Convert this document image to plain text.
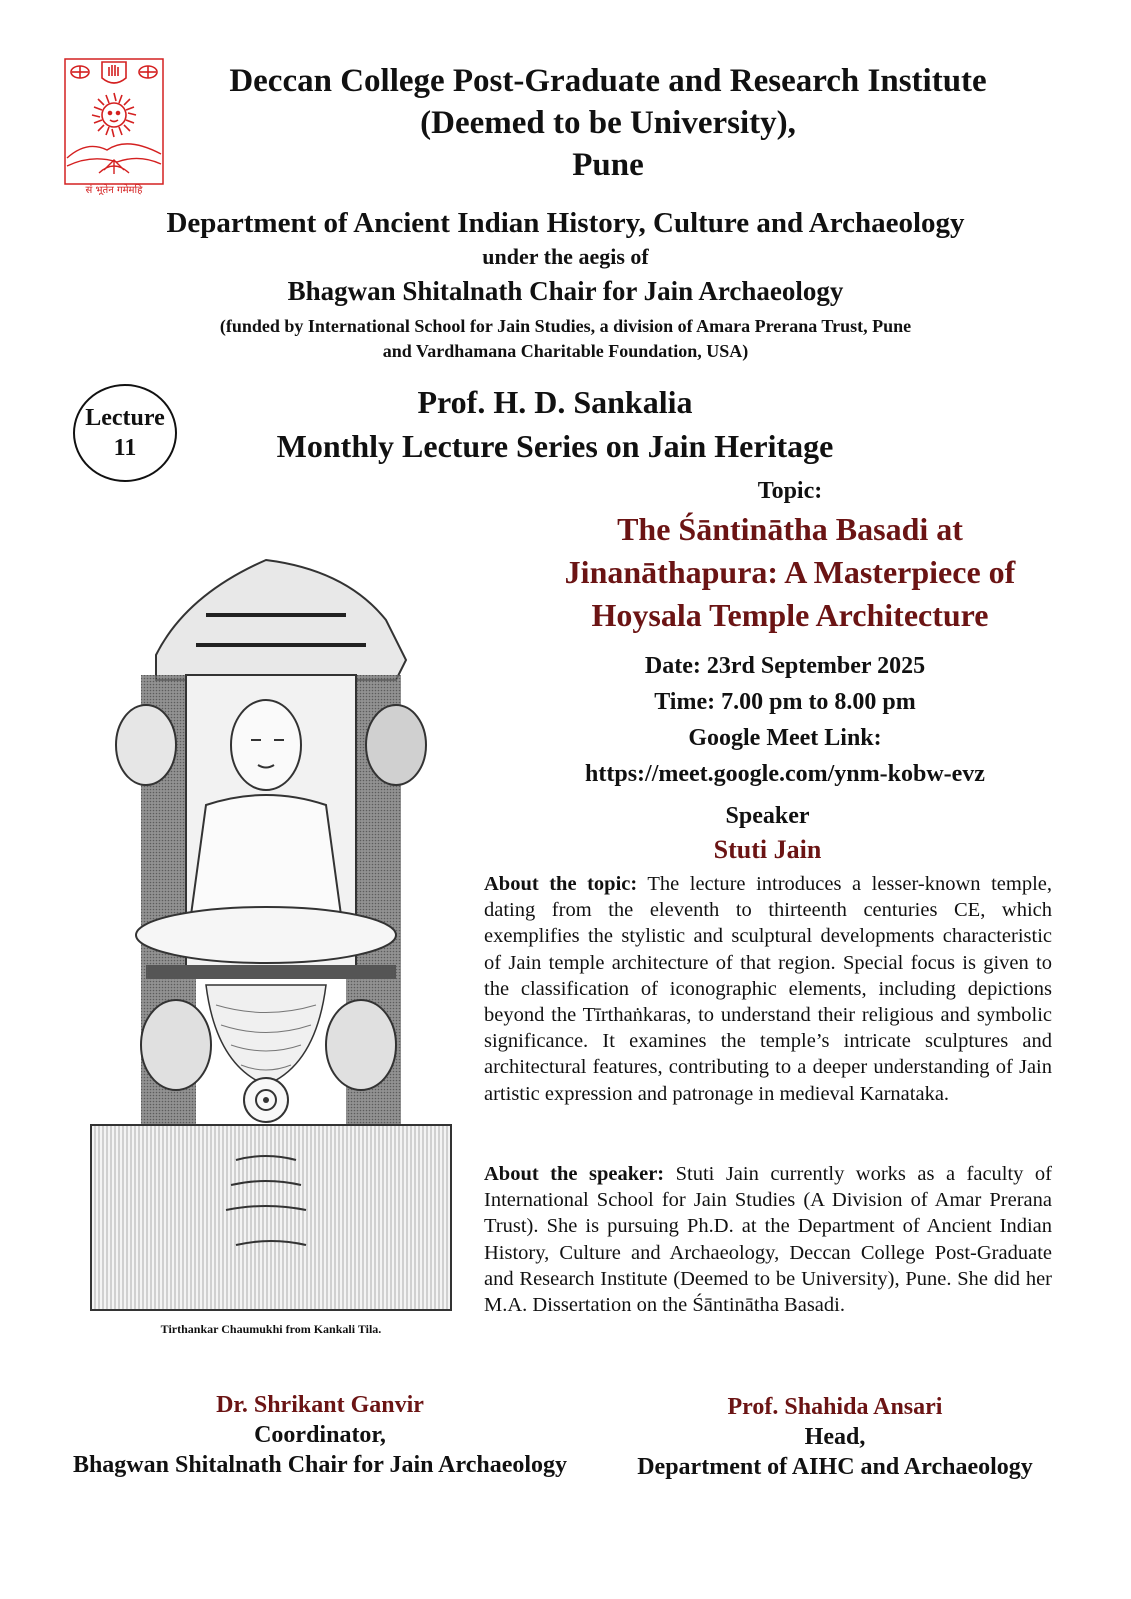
सं भूतेन गमेमहि
Deccan College Post-Graduate and Research Institute
(Deemed to be University),
Pune
Department of Ancient Indian History, Culture and Archaeology
under the aegis of
Bhagwan Shitalnath Chair for Jain Archaeology
(funded by International School for Jain Studies, a division of Amara Prerana Trust, Pune
and Vardhamana Charitable Foundation, USA)
Lecture
11
Prof. H. D. Sankalia
Monthly Lecture Series on Jain Heritage
Topic:
The Śāntinātha Basadi at
Jinanāthapura: A Masterpiece of
Hoysala Temple Architecture
Date: 23rd September 2025
Time: 7.00 pm to 8.00 pm
Google Meet Link:
https://meet.google.com/ynm-kobw-evz
Speaker
Stuti Jain
About the topic: The lecture introduces a lesser-known temple, dating from the eleventh to thirteenth centuries CE, which exemplifies the stylistic and sculptural developments characteristic of Jain temple architecture of that region. Special focus is given to the classification of iconographic elements, including depictions beyond the Tīrthaṅkaras, to understand their religious and symbolic significance. It examines the temple’s intricate sculptures and architectural features, contributing to a deeper understanding of Jain artistic expression and patronage in medieval Karnataka.
About the speaker: Stuti Jain currently works as a faculty of International School for Jain Studies (A Division of Amar Prerana Trust). She is pursuing Ph.D. at the Department of Ancient Indian History, Culture and Archaeology, Deccan College Post-Graduate and Research Institute (Deemed to be University), Pune. She did her M.A. Dissertation on the Śāntinātha Basadi.
Tirthankar Chaumukhi from Kankali Tila.
Dr. Shrikant Ganvir
Coordinator,
Bhagwan Shitalnath Chair for Jain Archaeology
Prof. Shahida Ansari
Head,
Department of AIHC and Archaeology
